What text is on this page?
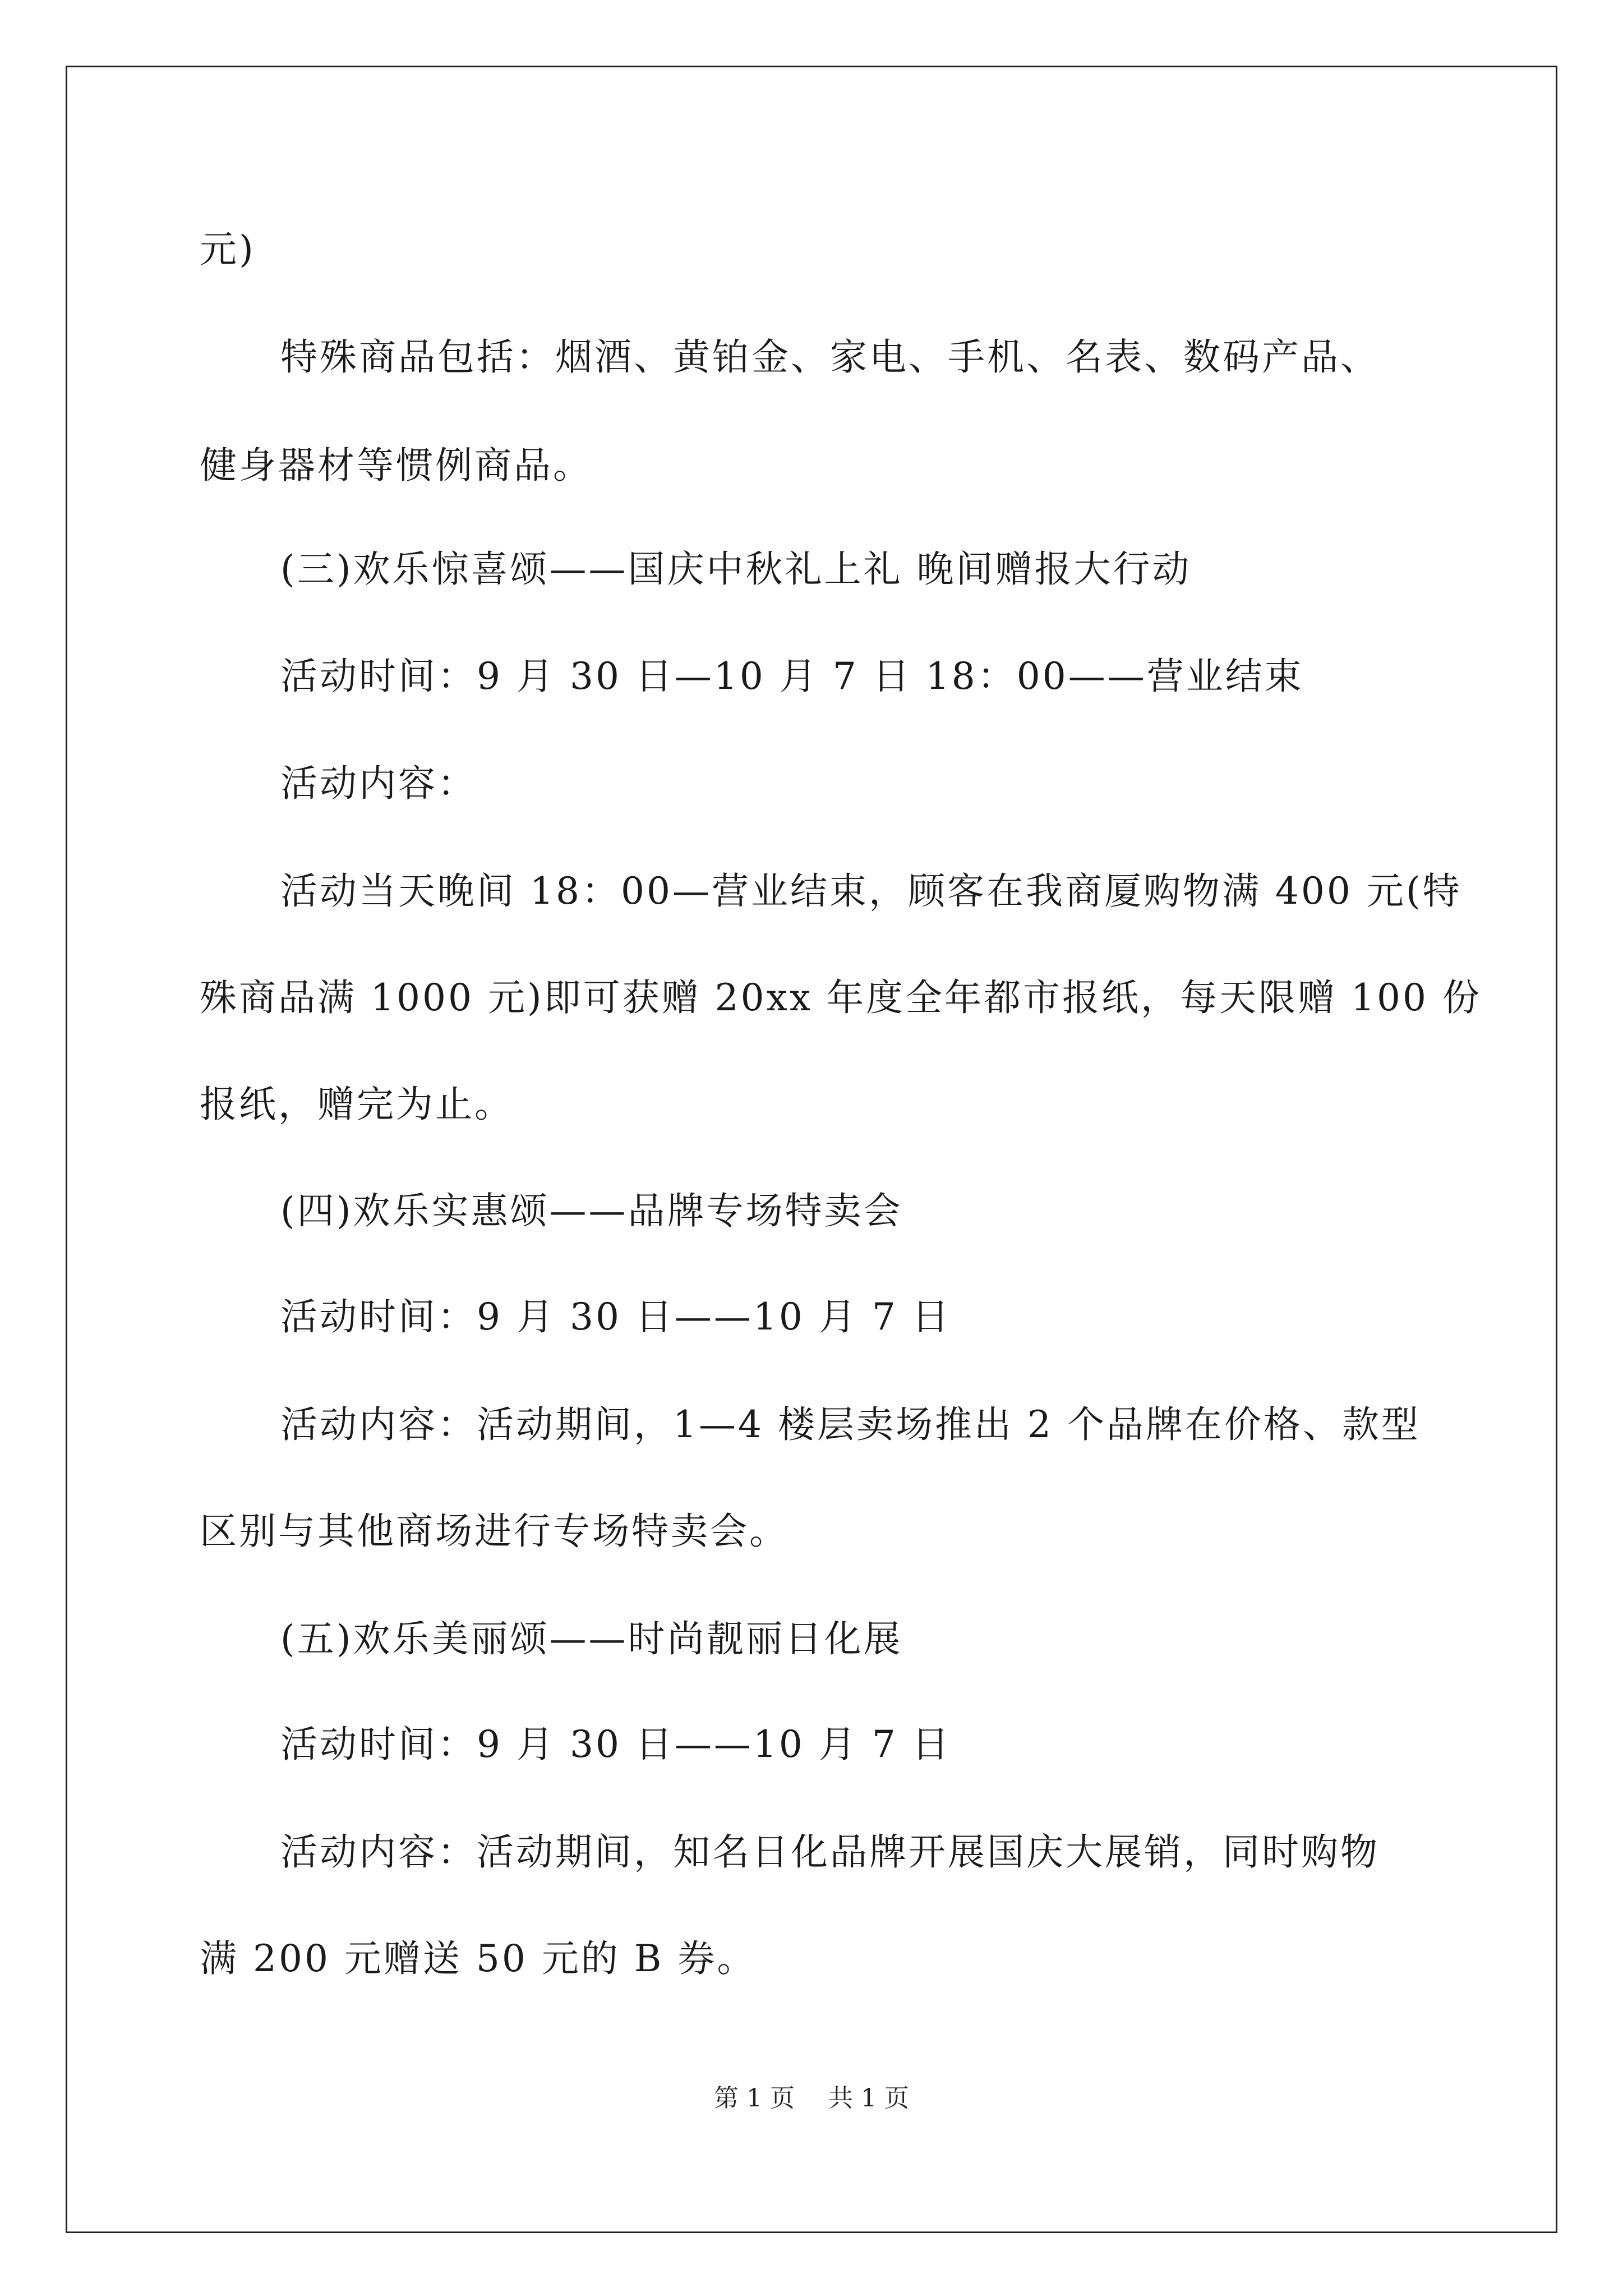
元)
特殊商品包括：烟酒、黄铂金、家电、手机、名表、数码产品、
健身器材等惯例商品。
(三)欢乐惊喜颂——国庆中秋礼上礼 晚间赠报大行动
活动时间：9 月 30 日—10 月 7 日 18：00——营业结束
活动内容：
活动当天晚间 18：00—营业结束，顾客在我商厦购物满 400 元(特
殊商品满 1000 元)即可获赠 20xx 年度全年都市报纸，每天限赠 100 份
报纸，赠完为止。
(四)欢乐实惠颂——品牌专场特卖会
活动时间：9 月 30 日——10 月 7 日
活动内容：活动期间，1—4 楼层卖场推出 2 个品牌在价格、款型
区别与其他商场进行专场特卖会。
(五)欢乐美丽颂——时尚靓丽日化展
活动时间：9 月 30 日——10 月 7 日
活动内容：活动期间，知名日化品牌开展国庆大展销，同时购物
满 200 元赠送 50 元的 B 券。
第 1 页 共 1 页
